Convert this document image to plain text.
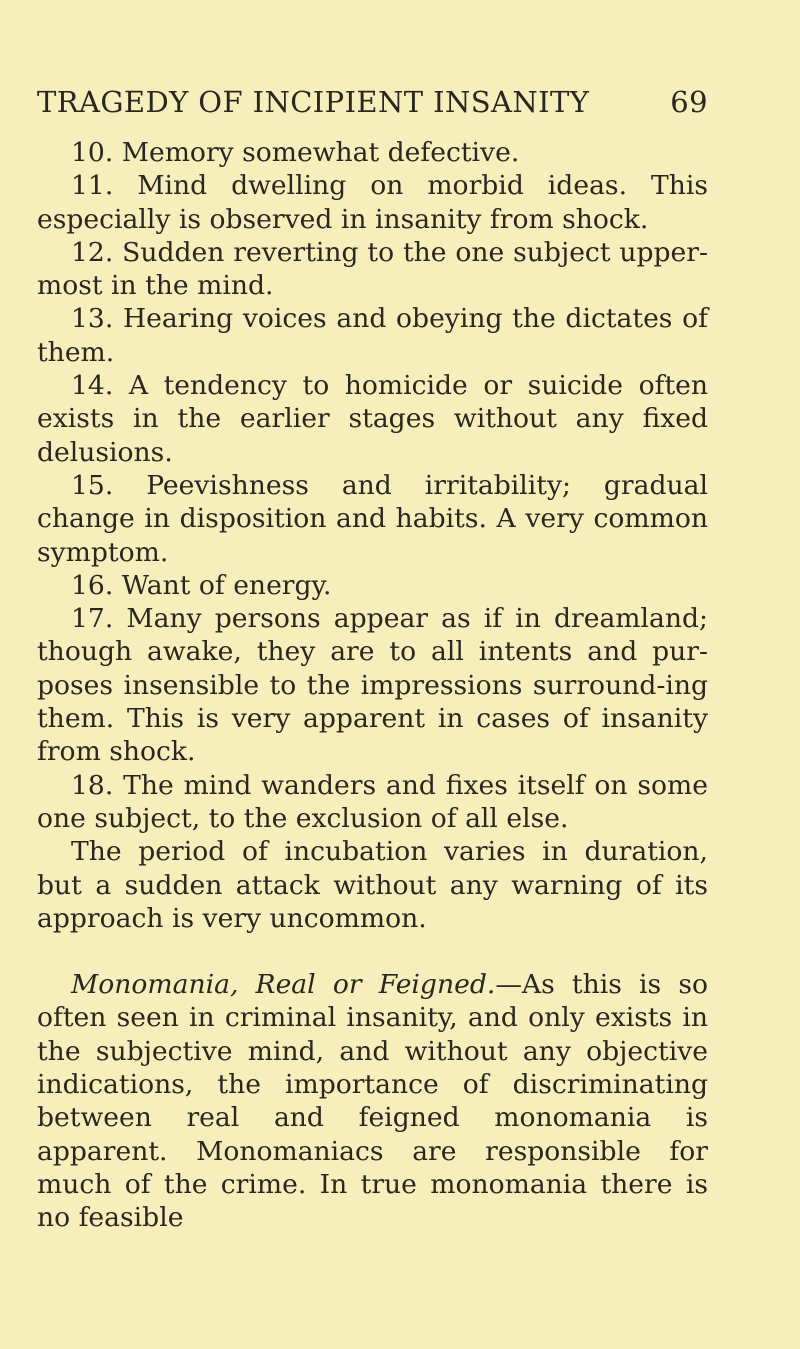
TRAGEDY OF INCIPIENT INSANITY	69

10. Memory somewhat defective.

11. Mind dwelling on morbid ideas. This especially is observed in insanity from shock.

12. Sudden reverting to the one subject upper-most in the mind.

13. Hearing voices and obeying the dictates of them.

14. A tendency to homicide or suicide often exists in the earlier stages without any fixed delusions.

15. Peevishness and irritability; gradual change in disposition and habits. A very common symptom.

16. Want of energy.

17. Many persons appear as if in dreamland; though awake, they are to all intents and pur-poses insensible to the impressions surround-ing them. This is very apparent in cases of insanity from shock.

18. The mind wanders and fixes itself on some one subject, to the exclusion of all else.

The period of incubation varies in duration, but a sudden attack without any warning of its approach is very uncommon.

Monomania, Real or Feigned.—As this is so often seen in criminal insanity, and only exists in the subjective mind, and without any objective indications, the importance of discriminating between real and feigned monomania is apparent. Monomaniacs are responsible for much of the crime. In true monomania there is no feasible
